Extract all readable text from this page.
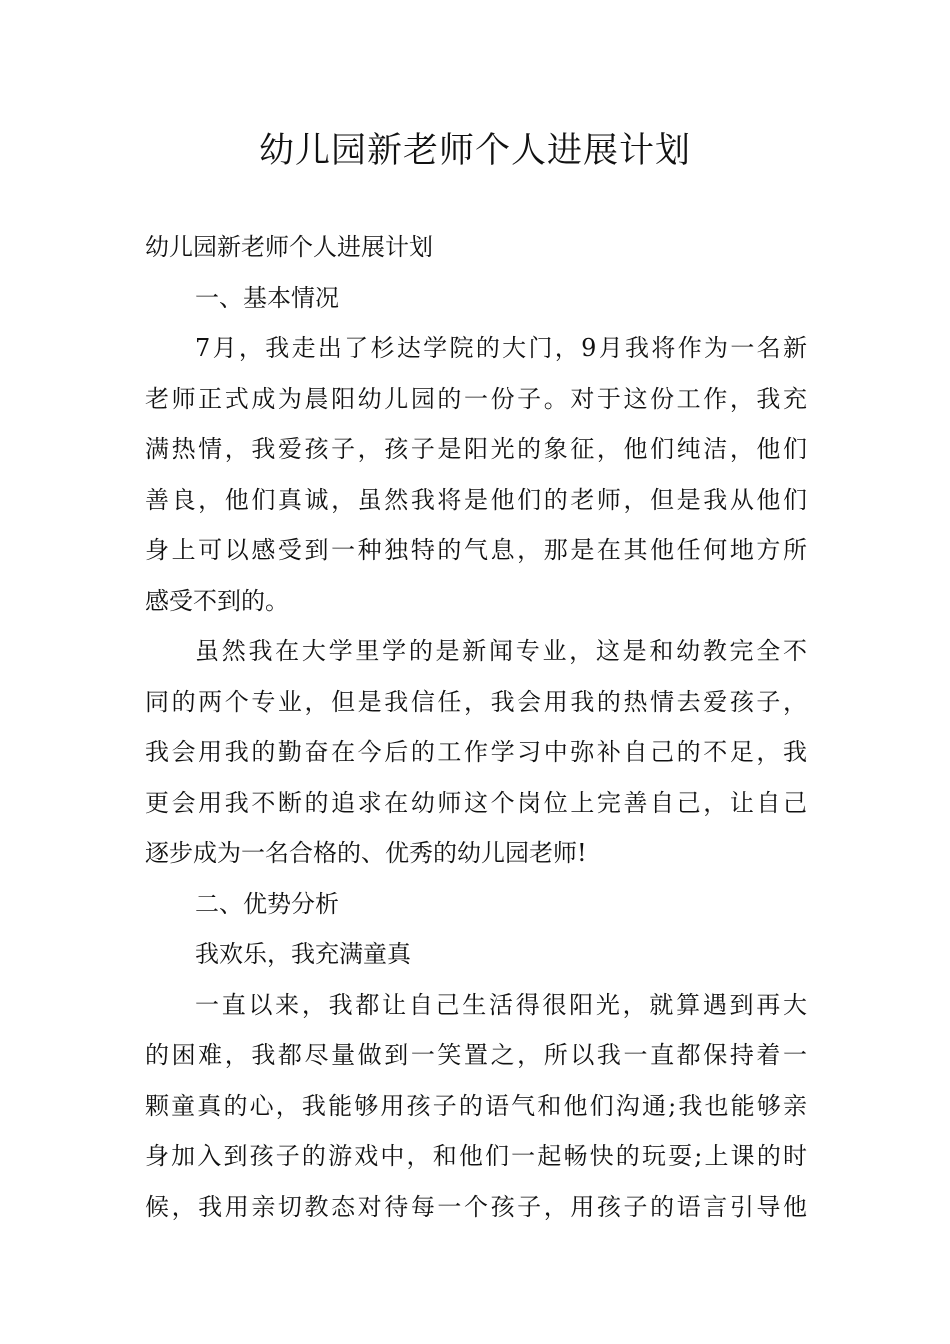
幼儿园新老师个人进展计划

幼儿园新老师个人进展计划

一、基本情况

7月，我走出了杉达学院的大门，9月我将作为一名新

老师正式成为晨阳幼儿园的一份子。对于这份工作，我充

满热情，我爱孩子，孩子是阳光的象征，他们纯洁，他们

善良，他们真诚，虽然我将是他们的老师，但是我从他们

身上可以感受到一种独特的气息，那是在其他任何地方所

感受不到的。

虽然我在大学里学的是新闻专业，这是和幼教完全不

同的两个专业，但是我信任，我会用我的热情去爱孩子，

我会用我的勤奋在今后的工作学习中弥补自己的不足，我

更会用我不断的追求在幼师这个岗位上完善自己，让自己

逐步成为一名合格的、优秀的幼儿园老师!

二、优势分析

我欢乐，我充满童真

一直以来，我都让自己生活得很阳光，就算遇到再大

的困难，我都尽量做到一笑置之，所以我一直都保持着一

颗童真的心，我能够用孩子的语气和他们沟通;我也能够亲

身加入到孩子的游戏中，和他们一起畅快的玩耍;上课的时

候，我用亲切教态对待每一个孩子，用孩子的语言引导他
